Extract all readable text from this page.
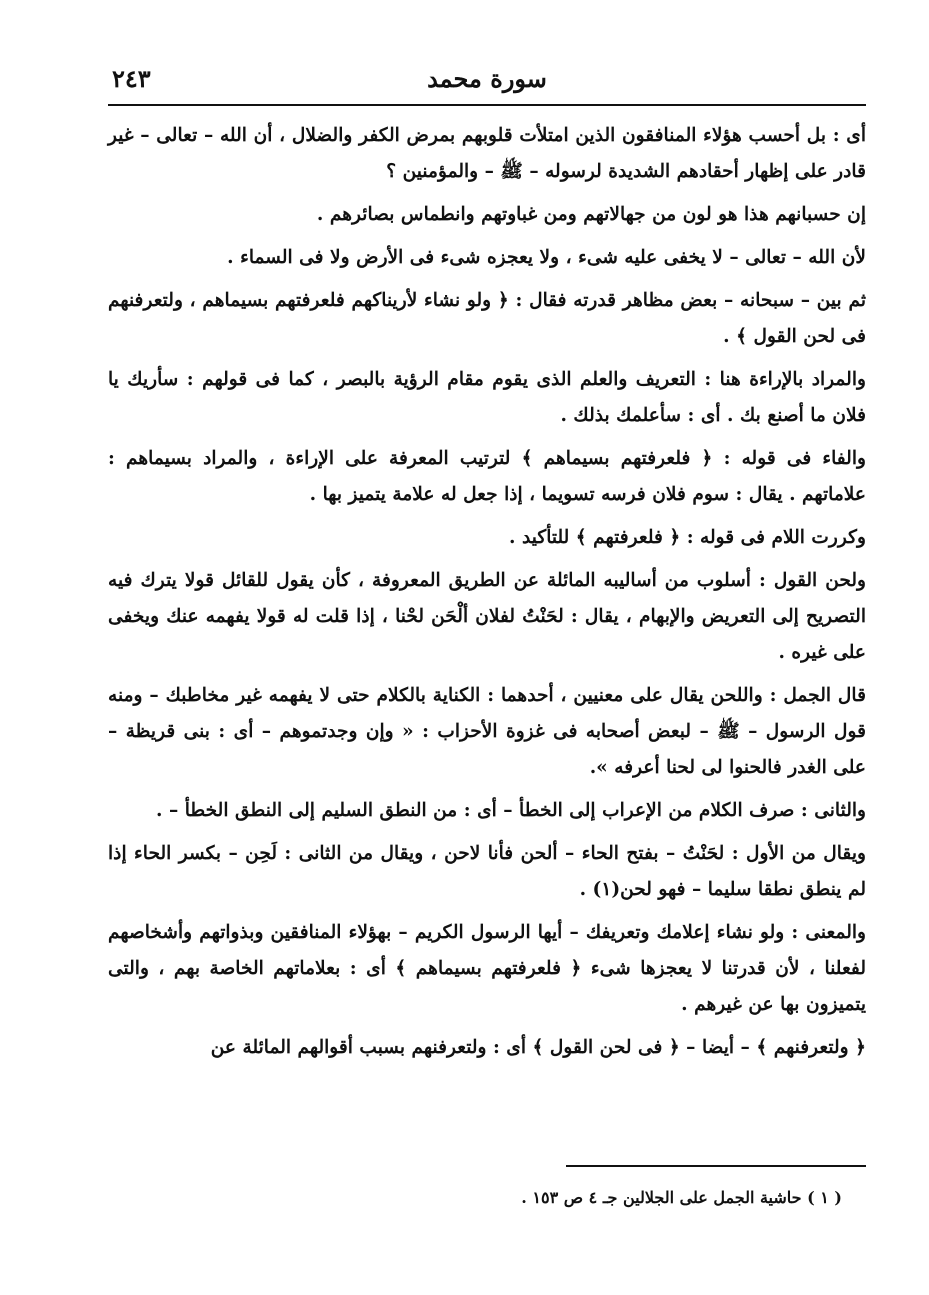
٢٤٣	سورة محمد

أى : بل أحسب هؤلاء المنافقون الذين امتلأت قلوبهم بمرض الكفر والضلال ، أن الله – تعالى – غير قادر على إظهار أحقادهم الشديدة لرسوله – ﷺ – والمؤمنين ؟

إن حسبانهم هذا هو لون من جهالاتهم ومن غباوتهم وانطماس بصائرهم .

لأن الله – تعالى – لا يخفى عليه شىء ، ولا يعجزه شىء فى الأرض ولا فى السماء .

ثم بين – سبحانه – بعض مظاهر قدرته فقال : ﴿ ولو نشاء لأريناكهم فلعرفتهم بسيماهم ، ولتعرفنهم فى لحن القول ﴾ .

والمراد بالإراءة هنا : التعريف والعلم الذى يقوم مقام الرؤية بالبصر ، كما فى قولهم : سأريك يا فلان ما أصنع بك . أى : سأعلمك بذلك .

والفاء فى قوله : ﴿ فلعرفتهم بسيماهم ﴾ لترتيب المعرفة على الإراءة ، والمراد بسيماهم : علاماتهم . يقال : سوم فلان فرسه تسويما ، إذا جعل له علامة يتميز بها .

وكررت اللام فى قوله : ﴿ فلعرفتهم ﴾ للتأكيد .

ولحن القول : أسلوب من أساليبه المائلة عن الطريق المعروفة ، كأن يقول للقائل قولا يترك فيه التصريح إلى التعريض والإبهام ، يقال : لحَنْتُ لفلان ألْحَن لحْنا ، إذا قلت له قولا يفهمه عنك ويخفى على غيره .

قال الجمل : واللحن يقال على معنيين ، أحدهما : الكناية بالكلام حتى لا يفهمه غير مخاطبك – ومنه قول الرسول – ﷺ – لبعض أصحابه فى غزوة الأحزاب : « وإن وجدتموهم – أى : بنى قريظة – على الغدر فالحنوا لى لحنا أعرفه ».

والثانى : صرف الكلام من الإعراب إلى الخطأ – أى : من النطق السليم إلى النطق الخطأ – .

ويقال من الأول : لحَنْتُ – بفتح الحاء – ألحن فأنا لاحن ، ويقال من الثانى : لَحِن – بكسر الحاء إذا لم ينطق نطقا سليما – فهو لحن(١) .

والمعنى : ولو نشاء إعلامك وتعريفك – أيها الرسول الكريم – بهؤلاء المنافقين وبذواتهم وأشخاصهم لفعلنا ، لأن قدرتنا لا يعجزها شىء ﴿ فلعرفتهم بسيماهم ﴾ أى : بعلاماتهم الخاصة بهم ، والتى يتميزون بها عن غيرهم .

﴿ ولتعرفنهم ﴾ – أيضا – ﴿ فى لحن القول ﴾ أى : ولتعرفنهم بسبب أقوالهم المائلة عن

( ١ ) حاشية الجمل على الجلالين جـ ٤ ص ١٥٣ .
